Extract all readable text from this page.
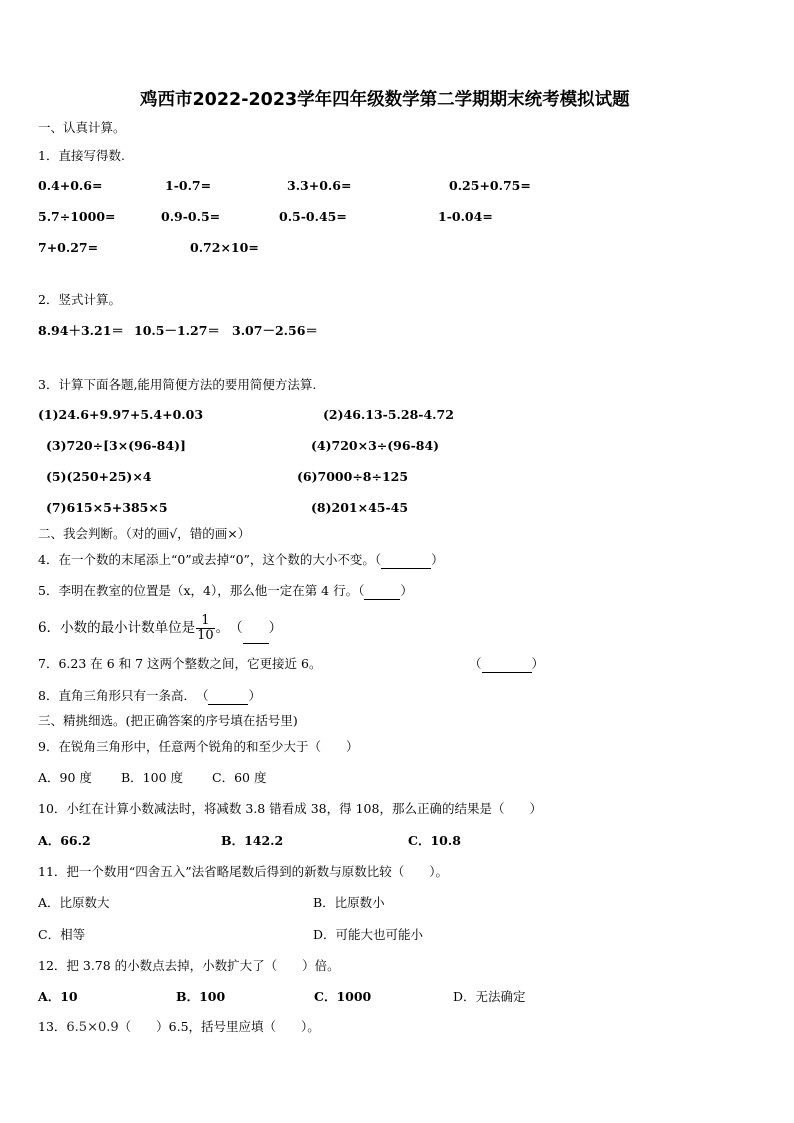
鸡西市2022-2023学年四年级数学第二学期期末统考模拟试题
一、认真计算。
1．直接写得数.
0.4+0.6=	1-0.7=	3.3+0.6=	0.25+0.75=
5.7÷1000=	0.9-0.5=	0.5-0.45=	1-0.04=
7+0.27=	0.72×10=
2．竖式计算。
8.94＋3.21＝ 10.5－1.27＝ 3.07－2.56＝
3．计算下面各题,能用简便方法的要用简便方法算.
(1)24.6+9.97+5.4+0.03	(2)46.13-5.28-4.72
(3)720÷[3×(96-84)]	(4)720×3÷(96-84)
(5)(250+25)×4	(6)7000÷8÷125
(7)615×5+385×5	(8)201×45-45
二、我会判断。（对的画√，错的画×）
4．在一个数的末尾添上“0”或去掉“0”，这个数的大小不变。（	）
5．李明在教室的位置是（x，4），那么他一定在第 4 行。（	）
6．小数的最小计数单位是 $\frac{1}{10}$ 。　（ ）
7．6.23 在 6 和 7 这两个整数之间，它更接近 6。	（	）
8．直角三角形只有一条高．　（	）
三、精挑细选。(把正确答案的序号填在括号里)
9．在锐角三角形中，任意两个锐角的和至少大于（　　）
A．90 度 B．100 度 C．60 度
10．小红在计算小数减法时，将减数 3.8 错看成 38，得 108，那么正确的结果是（　　）
A．66.2	B．142.2	C．10.8
11．把一个数用“四舍五入”法省略尾数后得到的新数与原数比较（　　）。
A．比原数大	B．比原数小
C．相等	D．可能大也可能小
12．把 3.78 的小数点去掉，小数扩大了（　　）倍。
A．10	B．100	C．1000	D．无法确定
13．6.5×0.9（　　）6.5，括号里应填（　　）。
